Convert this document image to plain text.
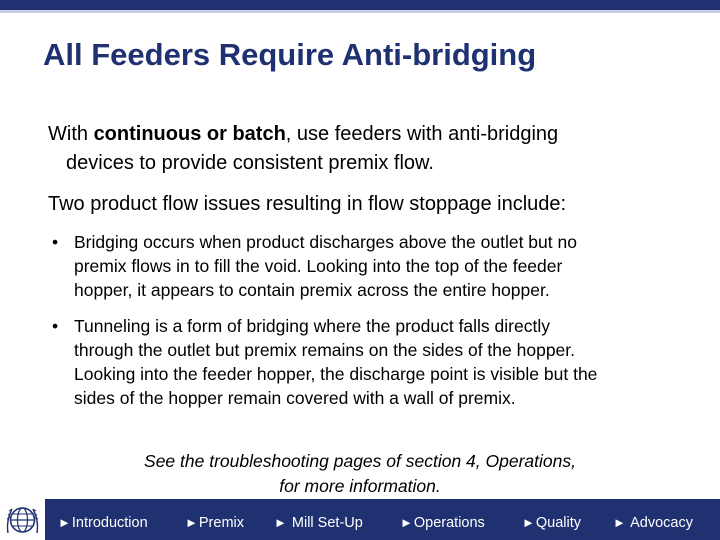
All Feeders Require Anti-bridging

With continuous or batch, use feeders with anti-bridging
devices to provide consistent premix flow.

Two product flow issues resulting in flow stoppage include:

• Bridging occurs when product discharges above the outlet but no
premix flows in to fill the void. Looking into the top of the feeder
hopper, it appears to contain premix across the entire hopper.
• Tunneling is a form of bridging where the product falls directly
through the outlet but premix remains on the sides of the hopper.
Looking into the feeder hopper, the discharge point is visible but the
sides of the hopper remain covered with a wall of premix.
See the troubleshooting pages of section 4, Operations,
for more information.
►Introduction	►Premix ► Mill Set-Up	►Operations	►Quality ► Advocacy
